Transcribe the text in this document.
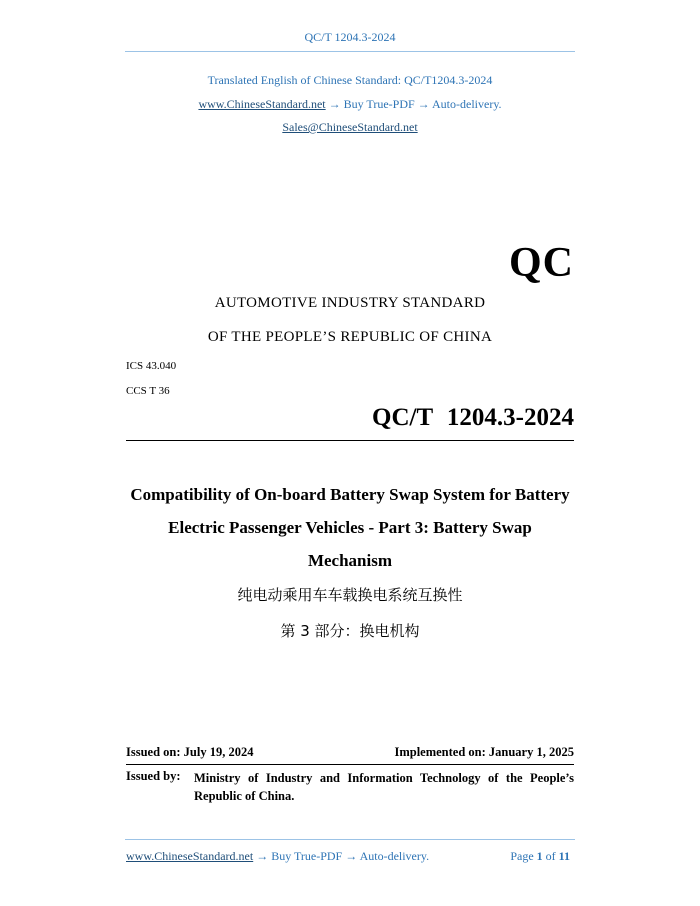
QC/T 1204.3-2024
Translated English of Chinese Standard: QC/T1204.3-2024
www.ChineseStandard.net → Buy True-PDF → Auto-delivery.
Sales@ChineseStandard.net
QC
AUTOMOTIVE INDUSTRY STANDARD
OF THE PEOPLE’S REPUBLIC OF CHINA
ICS 43.040
CCS T 36
QC/T 1204.3-2024
Compatibility of On-board Battery Swap System for Battery
Electric Passenger Vehicles - Part 3: Battery Swap
Mechanism
纯电动乘用车车载换电系统互换性
第 3 部分：换电机构
Issued on: July 19, 2024	Implemented on: January 1, 2025
Issued by: Ministry of Industry and Information Technology of the People’s Republic of China.
www.ChineseStandard.net → Buy True-PDF → Auto-delivery.	Page 1 of 11
